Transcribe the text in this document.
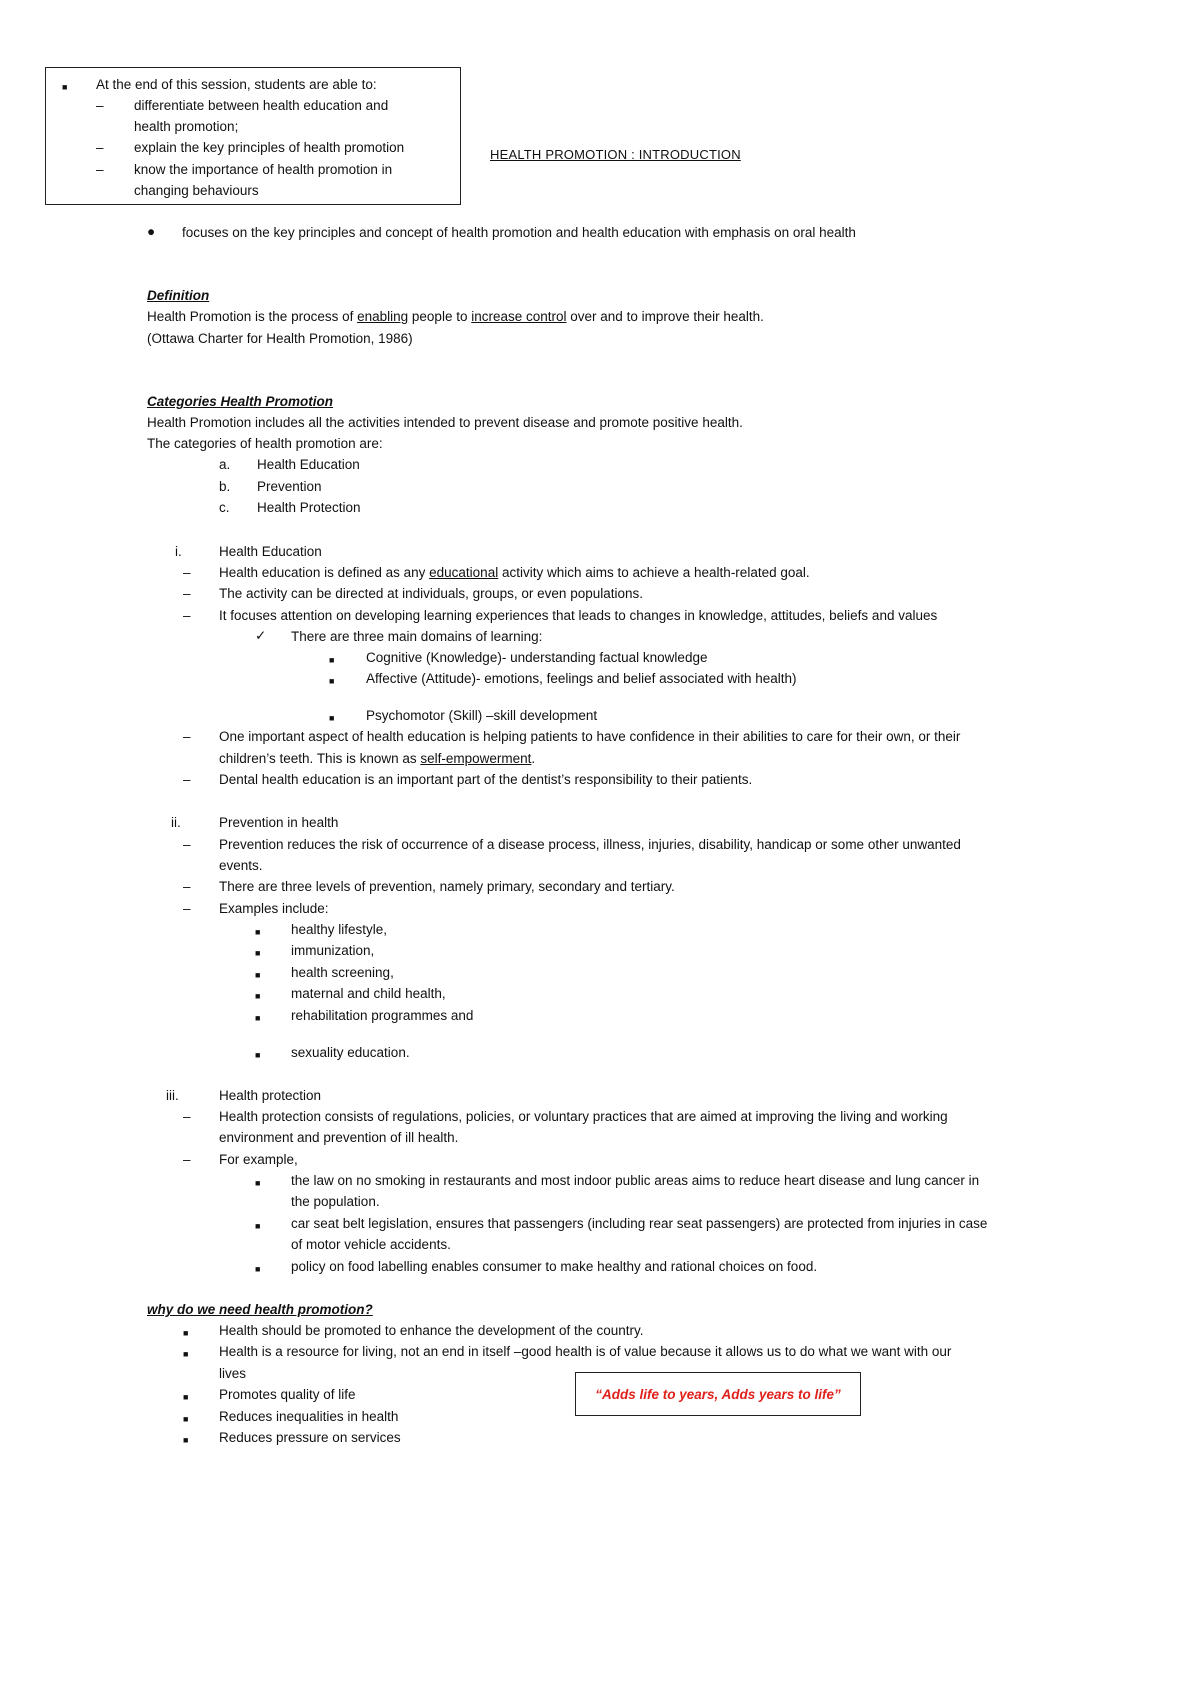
■ At the end of this session, students are able to:
– differentiate between health education and
health promotion;
– explain the key principles of health promotion
– know the importance of health promotion in
changing behaviours
HEALTH PROMOTION : INTRODUCTION
● focuses on the key principles and concept of health promotion and health education with emphasis on oral health
Definition
Health Promotion is the process of enabling people to increase control over and to improve their health.
(Ottawa Charter for Health Promotion, 1986)
Categories Health Promotion
Health Promotion includes all the activities intended to prevent disease and promote positive health.
The categories of health promotion are:
a. Health Education
b. Prevention
c. Health Protection
i.	Health Education
– Health education is defined as any educational activity which aims to achieve a health-related goal.
– The activity can be directed at individuals, groups, or even populations.
– It focuses attention on developing learning experiences that leads to changes in knowledge, attitudes, beliefs and values
✓ There are three main domains of learning:
■ Cognitive (Knowledge)- understanding factual knowledge
■ Affective (Attitude)- emotions, feelings and belief associated with health)
■ Psychomotor (Skill) –skill development
– One important aspect of health education is helping patients to have confidence in their abilities to care for their own, or their
children’s teeth. This is known as self-empowerment.
– Dental health education is an important part of the dentist’s responsibility to their patients.
ii.	Prevention in health
– Prevention reduces the risk of occurrence of a disease process, illness, injuries, disability, handicap or some other unwanted
events.
– There are three levels of prevention, namely primary, secondary and tertiary.
– Examples include:
■ healthy lifestyle,
■ immunization,
■ health screening,
■ maternal and child health,
■ rehabilitation programmes and
■ sexuality education.
iii.	Health protection
– Health protection consists of regulations, policies, or voluntary practices that are aimed at improving the living and working
environment and prevention of ill health.
– For example,
■ the law on no smoking in restaurants and most indoor public areas aims to reduce heart disease and lung cancer in
the population.
■ car seat belt legislation, ensures that passengers (including rear seat passengers) are protected from injuries in case
of motor vehicle accidents.
■ policy on food labelling enables consumer to make healthy and rational choices on food.
why do we need health promotion?
■ Health should be promoted to enhance the development of the country.
■ Health is a resource for living, not an end in itself –good health is of value because it allows us to do what we want with our
lives
■ Promotes quality of life
■ Reduces inequalities in health
■ Reduces pressure on services
“Adds life to years, Adds years to life”
